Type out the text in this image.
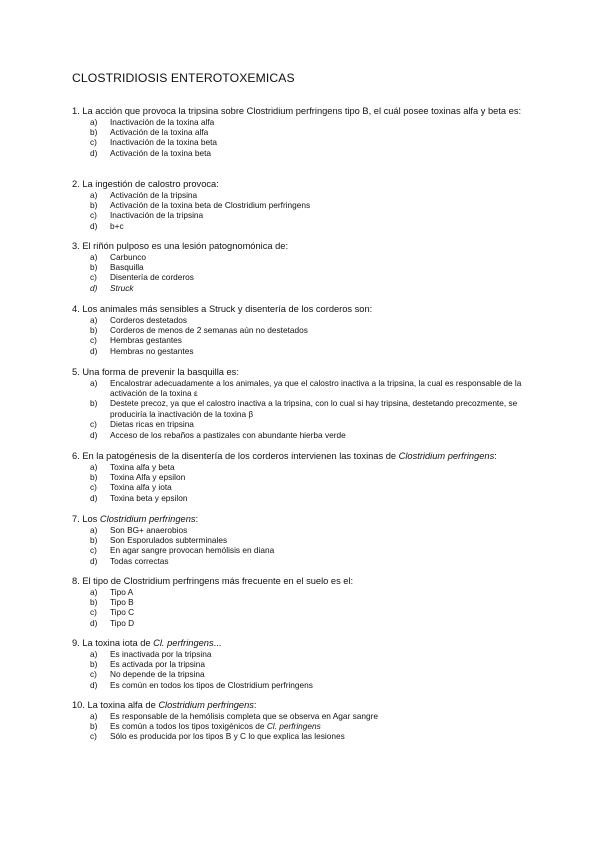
CLOSTRIDIOSIS ENTEROTOXEMICAS

1. La acción que provoca la tripsina sobre Clostridium perfringens tipo B, el cuál posee toxinas alfa y beta es:

a)	Inactivación de la toxina alfa
b)	Activación de la toxina alfa
c)	Inactivación de la toxina beta
d)	Activación de la toxina beta

2. La ingestión de calostro provoca:

a)	Activación de la tripsina
b)	Activación de la toxina beta de Clostridium perfringens
c)	Inactivación de la tripsina
d)	b+c

3. El riñón pulposo es una lesión patognomónica de:

a)	Carbunco
b)	Basquilla
c)	Disentería de corderos
d)	Struck

4. Los animales más sensibles a Struck y disentería de los corderos son:

a)	Corderos destetados
b)	Corderos de menos de 2 semanas aún no destetados
c)	Hembras gestantes
d)	Hembras no gestantes

5. Una forma de prevenir la basquilla es:

a)	Encalostrar adecuadamente a los animales, ya que el calostro inactiva a la tripsina, la cual es responsable de la activación de la toxina ε
b)	Destete precoz, ya que el calostro inactiva a la tripsina, con lo cual si hay tripsina, destetando precozmente, se produciría la inactivación de la toxina β
c)	Dietas ricas en tripsina
d)	Acceso de los rebaños a pastizales con abundante hierba verde

6. En la patogénesis de la disentería de los corderos intervienen las toxinas de Clostridium perfringens:

a)	Toxina alfa y beta
b)	Toxina Alfa y epsilon
c)	Toxina alfa y iota
d)	Toxina beta y epsilon

7. Los Clostridium perfringens:

a)	Son BG+ anaerobios
b)	Son Esporulados subterminales
c)	En agar sangre provocan hemólisis en diana
d)	Todas correctas

8. El tipo de Clostridium perfringens más frecuente en el suelo es el:

a)	Tipo A
b)	Tipo B
c)	Tipo C
d)	Tipo D

9. La toxina iota de Cl. perfringens...

a)	Es inactivada por la tripsina
b)	Es activada por la tripsina
c)	No depende de la tripsina
d)	Es común en todos los tipos de Clostridium perfringens

10. La toxina alfa de Clostridium perfringens:

a)	Es responsable de la hemólisis completa que se observa en Agar sangre
b)	Es común a todos los tipos toxigénicos de Cl. perfringens
c)	Sólo es producida por los tipos B y C lo que explica las lesiones
